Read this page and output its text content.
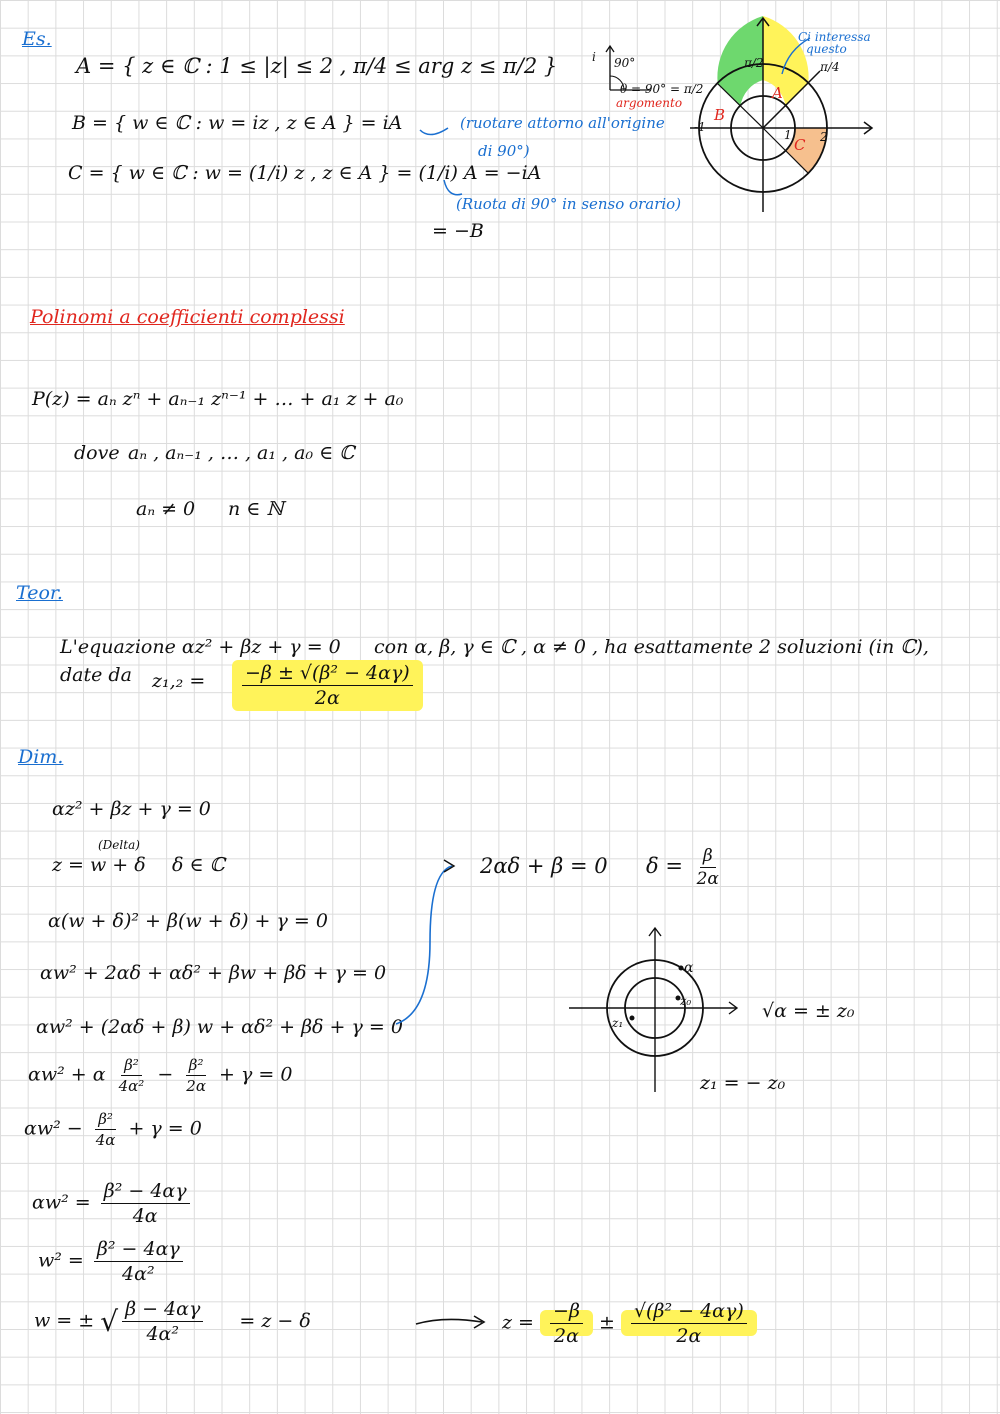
Es.
A = { z ∈ ℂ : 1 ≤ |z| ≤ 2 , π/4 ≤ arg z ≤ π/2 }
B = { w ∈ ℂ : w = iz , z ∈ A } = iA	(ruotare attorno all'origine
di 90°)
C = { w ∈ ℂ : w = (1/i) z , z ∈ A } = (1/i) A = −iA
(Ruota di 90° in senso orario)
= −B
i 90°
θ = 90° = π/2
argomento
Ci interessa
questo
π/2	π/4
A
B
C
-1
1 2
Polinomi a coefficienti complessi
P(z) = aₙ zⁿ + aₙ₋₁ zⁿ⁻¹ + … + a₁ z + a₀
dove aₙ , aₙ₋₁ , … , a₁ , a₀ ∈ ℂ
aₙ ≠ 0 n ∈ ℕ
Teor.
L'equazione αz² + βz + γ = 0 con α, β, γ ∈ ℂ , α ≠ 0 , ha esattamente 2 soluzioni (in ℂ),
date da $z_1,_2 = \frac{\text{−β ± √(β² − 4αγ)}}{2\alpha}$
Dim.
αz² + βz + γ = 0
(Delta)
z = w + δ δ ∈ ℂ
α(w + δ)² + β(w + δ) + γ = 0
αw² + 2αδ + αδ² + βw + βδ + γ = 0
αw² + (2αδ + β) w + αδ² + βδ + γ = 0
αw² + α $\frac{\text{β²}}{\text{4α²}} - \frac{\text{β²}}{2\alpha} + \gamma = 0$
$\alpha w^2 - \frac{\text{β²}}{4\alpha} + \gamma = 0$
$\alpha w^2 = \frac{\text{β² − 4αγ}}{4\alpha}$
$w^2 = \frac{\text{β² − 4αγ}}{\text{4α²}}$
w = ± √ $\frac{\beta - 4\alpha\gamma}{\text{4α²}} = z - \delta$	$z = \frac{-\beta}{2\alpha} \pm \frac{\text{√(β² − 4αγ)}}{2\alpha}$
2αδ + β = 0 $\delta = \frac{\beta}{2\alpha}$
α
z₀
z₁
√α = ± z₀
z₁ = − z₀
